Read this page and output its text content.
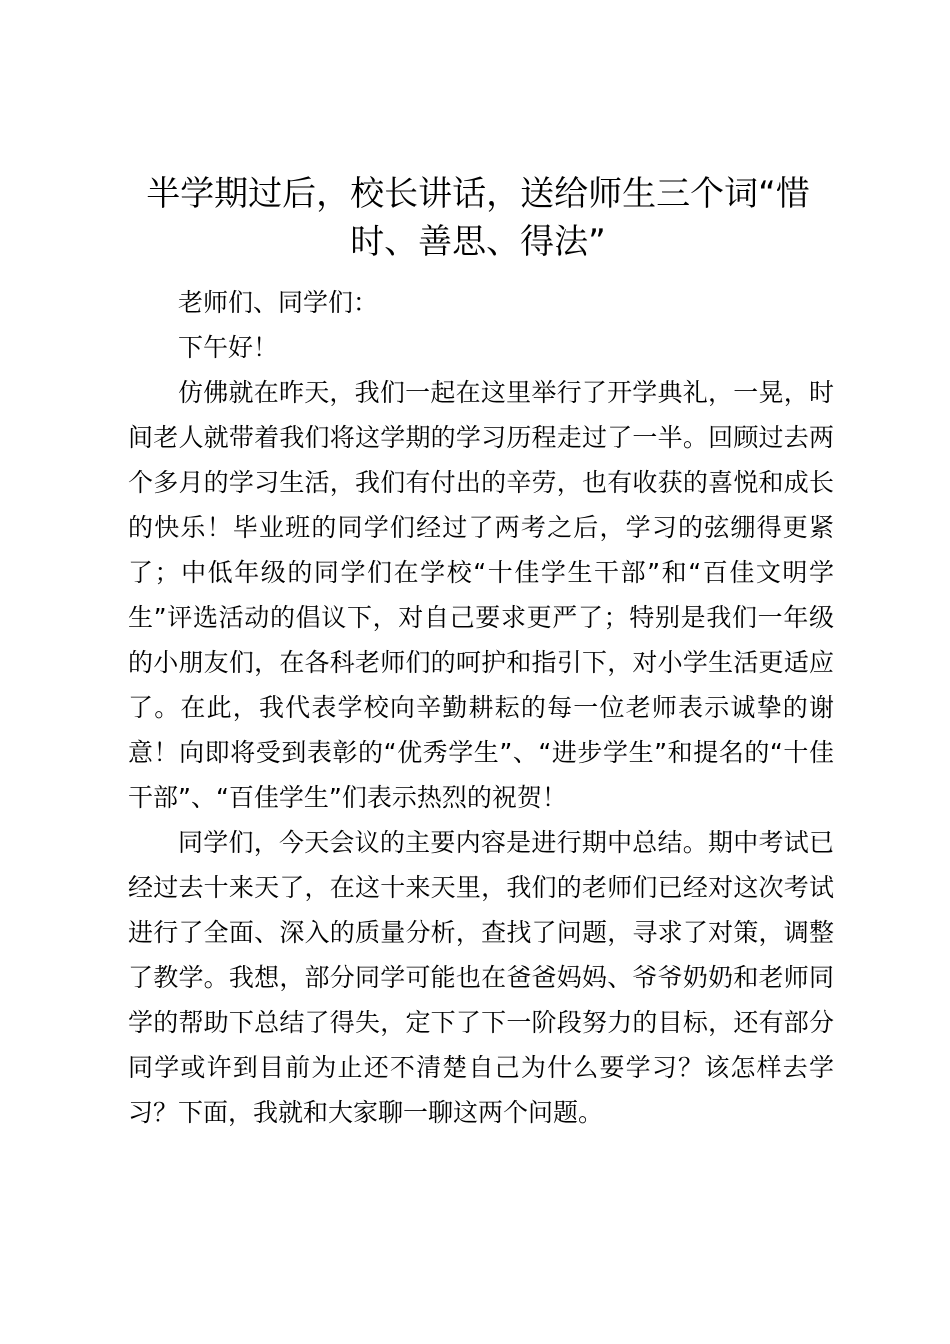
半学期过后，校长讲话，送给师生三个词“惜时、善思、得法”

老师们、同学们：

下午好！

仿佛就在昨天，我们一起在这里举行了开学典礼，一晃，时间老人就带着我们将这学期的学习历程走过了一半。回顾过去两个多月的学习生活，我们有付出的辛劳，也有收获的喜悦和成长的快乐！毕业班的同学们经过了两考之后，学习的弦绷得更紧了；中低年级的同学们在学校“十佳学生干部”和“百佳文明学生”评选活动的倡议下，对自己要求更严了；特别是我们一年级的小朋友们，在各科老师们的呵护和指引下，对小学生活更适应了。在此，我代表学校向辛勤耕耘的每一位老师表示诚挚的谢意！向即将受到表彰的“优秀学生”、“进步学生”和提名的“十佳干部”、“百佳学生”们表示热烈的祝贺！

同学们，今天会议的主要内容是进行期中总结。期中考试已经过去十来天了，在这十来天里，我们的老师们已经对这次考试进行了全面、深入的质量分析，查找了问题，寻求了对策，调整了教学。我想，部分同学可能也在爸爸妈妈、爷爷奶奶和老师同学的帮助下总结了得失，定下了下一阶段努力的目标，还有部分同学或许到目前为止还不清楚自己为什么要学习？该怎样去学习？下面，我就和大家聊一聊这两个问题。
